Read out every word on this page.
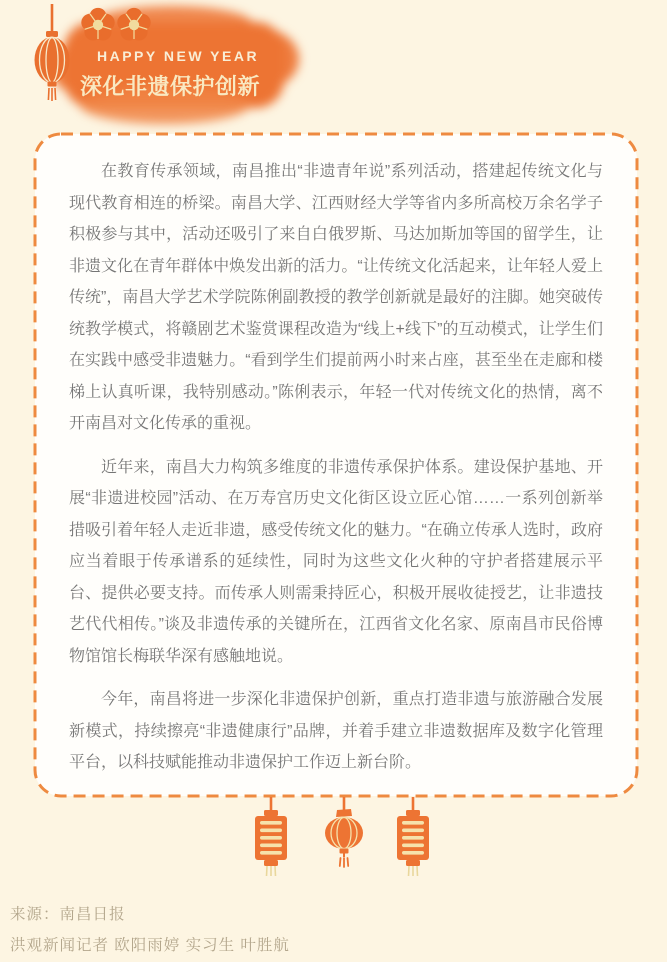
HAPPY NEW YEAR
深化非遗保护创新

在教育传承领域，南昌推出“非遗青年说”系列活动，搭建起传统文化与现代教育相连的桥梁。南昌大学、江西财经大学等省内多所高校万余名学子积极参与其中，活动还吸引了来自白俄罗斯、马达加斯加等国的留学生，让非遗文化在青年群体中焕发出新的活力。“让传统文化活起来，让年轻人爱上传统”，南昌大学艺术学院陈俐副教授的教学创新就是最好的注脚。她突破传统教学模式，将赣剧艺术鉴赏课程改造为“线上+线下”的互动模式，让学生们在实践中感受非遗魅力。“看到学生们提前两小时来占座，甚至坐在走廊和楼梯上认真听课，我特别感动。”陈俐表示，年轻一代对传统文化的热情，离不开南昌对文化传承的重视。

近年来，南昌大力构筑多维度的非遗传承保护体系。建设保护基地、开展“非遗进校园”活动、在万寿宫历史文化街区设立匠心馆……一系列创新举措吸引着年轻人走近非遗，感受传统文化的魅力。“在确立传承人选时，政府应当着眼于传承谱系的延续性，同时为这些文化火种的守护者搭建展示平台、提供必要支持。而传承人则需秉持匠心，积极开展收徒授艺，让非遗技艺代代相传。”谈及非遗传承的关键所在，江西省文化名家、原南昌市民俗博物馆馆长梅联华深有感触地说。

今年，南昌将进一步深化非遗保护创新，重点打造非遗与旅游融合发展新模式，持续擦亮“非遗健康行”品牌，并着手建立非遗数据库及数字化管理平台，以科技赋能推动非遗保护工作迈上新台阶。

来源：南昌日报
洪观新闻记者 欧阳雨婷 实习生 叶胜航
